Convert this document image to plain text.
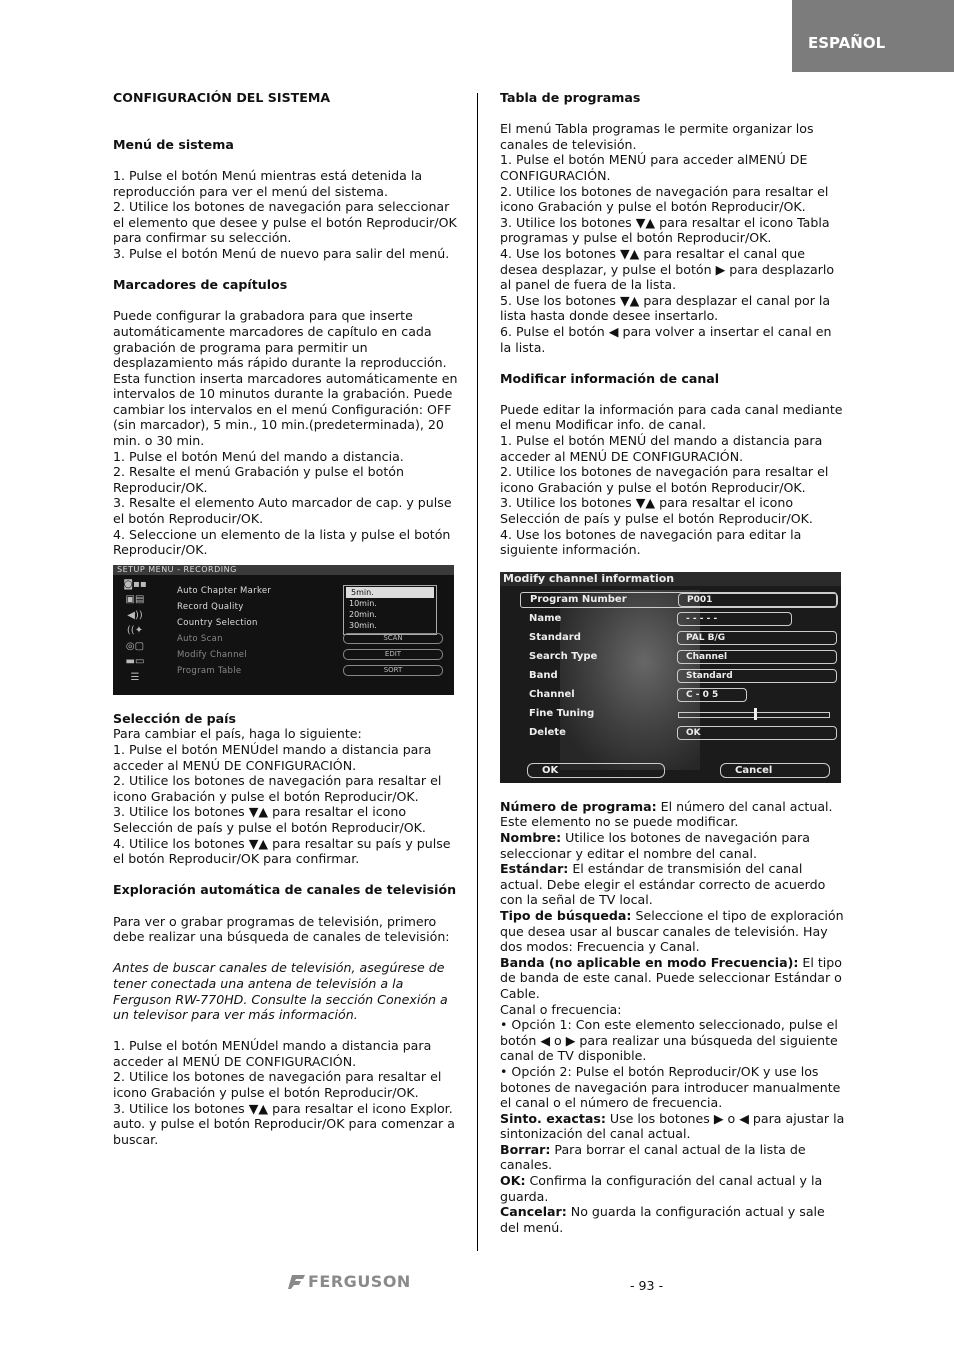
ESPAÑOL

CONFIGURACIÓN DEL SISTEMA

Menú de sistema

1. Pulse el botón Menú mientras está detenida la reproducción para ver el menú del sistema.

2. Utilice los botones de navegación para seleccionar el elemento que desee y pulse el botón Reproducir/OK para confirmar su selección.

3. Pulse el botón Menú de nuevo para salir del menú.

Marcadores de capítulos

Puede configurar la grabadora para que inserte automáticamente marcadores de capítulo en cada grabación de programa para permitir un desplazamiento más rápido durante la reproducción. Esta function inserta marcadores automáticamente en intervalos de 10 minutos durante la grabación. Puede cambiar los intervalos en el menú Configuración: OFF (sin marcador), 5 min., 10 min.(predeterminada), 20 min. o 30 min.

1. Pulse el botón Menú del mando a distancia.

2. Resalte el menú Grabación y pulse el botón Reproducir/OK.

3. Resalte el elemento Auto marcador de cap. y pulse el botón Reproducir/OK.

4. Seleccione un elemento de la lista y pulse el botón Reproducir/OK.

SETUP MENU - RECORDING
◙▪▪
▣▤
◀))
((✦
◎▢
▬▭
☰
Auto Chapter Marker
Record Quality
Country Selection
Auto Scan
Modify Channel
Program Table
5min.
10min.
20min.
30min.
SCAN
EDIT
SORT

Selección de país

Para cambiar el país, haga lo siguiente:

1. Pulse el botón MENÚdel mando a distancia para acceder al MENÚ DE CONFIGURACIÓN.

2. Utilice los botones de navegación para resaltar el icono Grabación y pulse el botón Reproducir/OK.

3. Utilice los botones ▼▲ para resaltar el icono Selección de país y pulse el botón Reproducir/OK.

4. Utilice los botones ▼▲ para resaltar su país y pulse el botón Reproducir/OK para confirmar.

Exploración automática de canales de televisión

Para ver o grabar programas de televisión, primero debe realizar una búsqueda de canales de televisión:

Antes de buscar canales de televisión, asegúrese de tener conectada una antena de televisión a la Ferguson RW-770HD. Consulte la sección Conexión a un televisor para ver más información.

1. Pulse el botón MENÚdel mando a distancia para acceder al MENÚ DE CONFIGURACIÓN.

2. Utilice los botones de navegación para resaltar el icono Grabación y pulse el botón Reproducir/OK.

3. Utilice los botones ▼▲ para resaltar el icono Explor. auto. y pulse el botón Reproducir/OK para comenzar a buscar.

Tabla de programas

El menú Tabla programas le permite organizar los canales de televisión.

1. Pulse el botón MENÚ para acceder alMENÚ DE CONFIGURACIÓN.

2. Utilice los botones de navegación para resaltar el icono Grabación y pulse el botón Reproducir/OK.

3. Utilice los botones ▼▲ para resaltar el icono Tabla programas y pulse el botón Reproducir/OK.

4. Use los botones ▼▲ para resaltar el canal que desea desplazar, y pulse el botón ▶ para desplazarlo al panel de fuera de la lista.

5. Use los botones ▼▲ para desplazar el canal por la lista hasta donde desee insertarlo.

6. Pulse el botón ◀ para volver a insertar el canal en la lista.

Modificar información de canal

Puede editar la información para cada canal mediante el menu Modificar info. de canal.

1. Pulse el botón MENÚ del mando a distancia para acceder al MENÚ DE CONFIGURACIÓN.

2. Utilice los botones de navegación para resaltar el icono Grabación y pulse el botón Reproducir/OK.

3. Utilice los botones ▼▲ para resaltar el icono Selección de país y pulse el botón Reproducir/OK.

4. Use los botones de navegación para editar la siguiente información.

Modify channel information
Program Number	P001
Name	- - - - -
Standard	PAL B/G
Search Type	Channel
Band	Standard
Channel	C - 0 5
Fine Tuning
Delete	OK
OK	Cancel

Número de programa: El número del canal actual. Este elemento no se puede modificar.

Nombre: Utilice los botones de navegación para seleccionar y editar el nombre del canal.

Estándar: El estándar de transmisión del canal actual. Debe elegir el estándar correcto de acuerdo con la señal de TV local.

Tipo de búsqueda: Seleccione el tipo de exploración que desea usar al buscar canales de televisión. Hay dos modos: Frecuencia y Canal.

Banda (no aplicable en modo Frecuencia): El tipo de banda de este canal. Puede seleccionar Estándar o Cable.

Canal o frecuencia:

• Opción 1: Con este elemento seleccionado, pulse el botón ◀ o ▶ para realizar una búsqueda del siguiente canal de TV disponible.

• Opción 2: Pulse el botón Reproducir/OK y use los botones de navegación para introducer manualmente el canal o el número de frecuencia.

Sinto. exactas: Use los botones ▶ o ◀ para ajustar la sintonización del canal actual.

Borrar: Para borrar el canal actual de la lista de canales.

OK: Confirma la configuración del canal actual y la guarda.

Cancelar: No guarda la configuración actual y sale del menú.

FERGUSON	- 93 -
